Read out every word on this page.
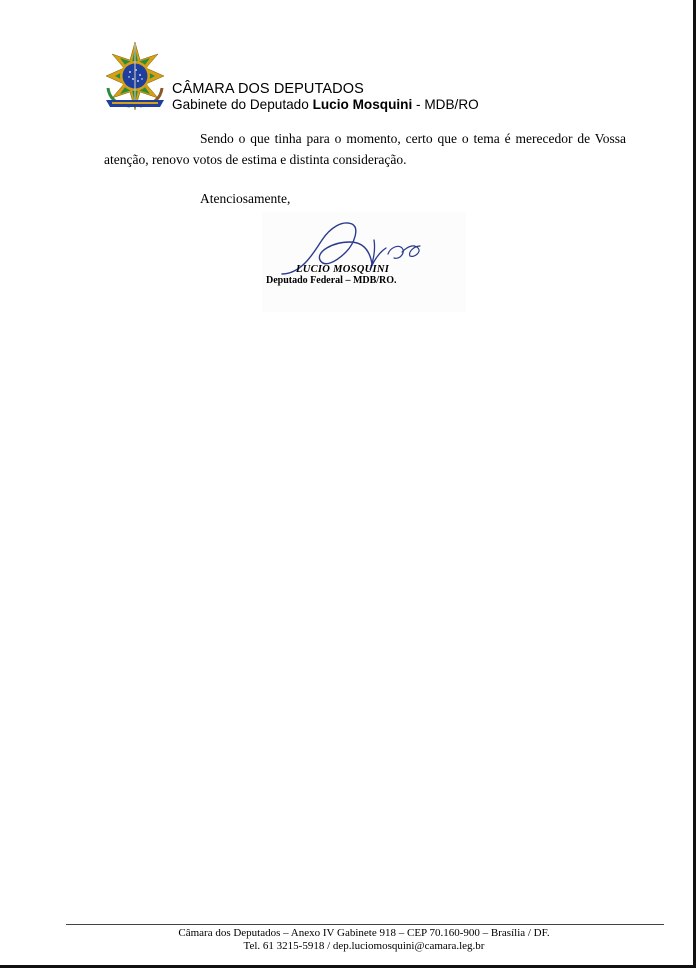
CÂMARA DOS DEPUTADOS
Gabinete do Deputado Lucio Mosquini - MDB/RO

Sendo o que tinha para o momento, certo que o tema é merecedor de Vossa atenção, renovo votos de estima e distinta consideração.

Atenciosamente,

LUCIO MOSQUINI
Deputado Federal – MDB/RO.
Câmara dos Deputados – Anexo IV Gabinete 918 – CEP 70.160-900 – Brasília / DF.
Tel. 61 3215-5918 / dep.luciomosquini@camara.leg.br
